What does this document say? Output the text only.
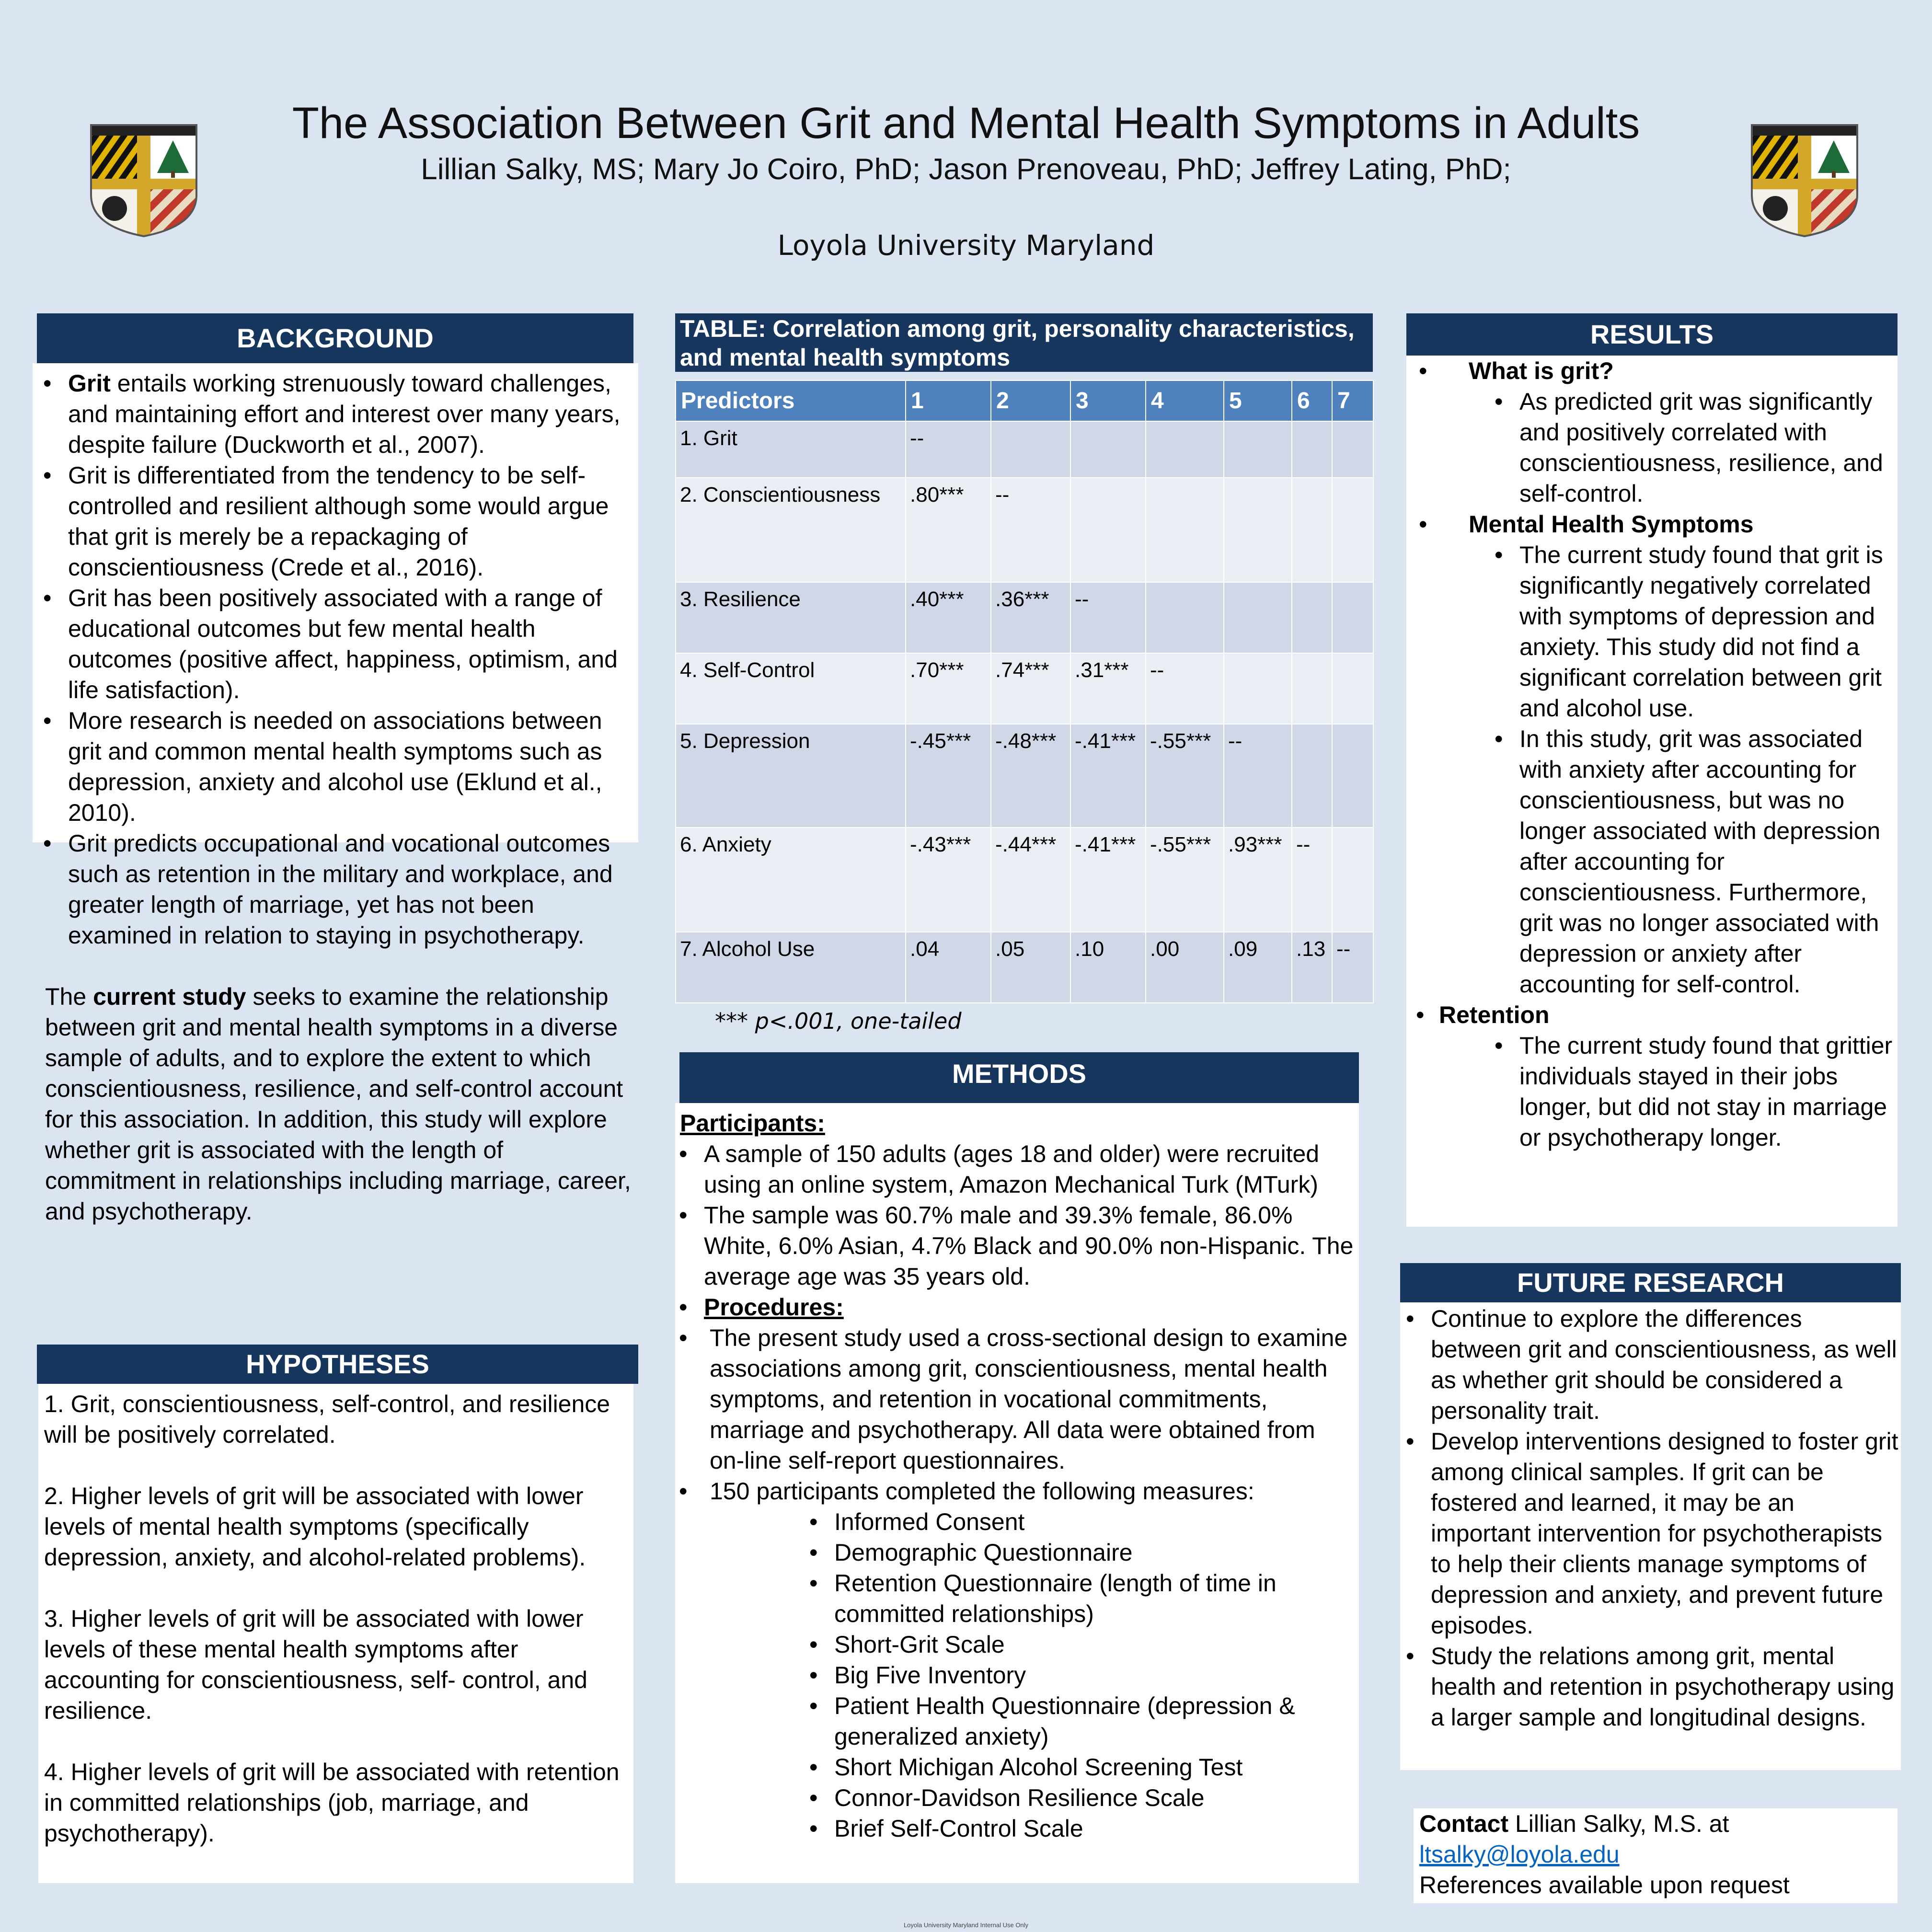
The Association Between Grit and Mental Health Symptoms in Adults
Lillian Salky, MS; Mary Jo Coiro, PhD; Jason Prenoveau, PhD; Jeffrey Lating, PhD;
Loyola University Maryland
BACKGROUND
• Grit entails working strenuously toward challenges, and maintaining effort and interest over many years, despite failure (Duckworth et al., 2007).
• Grit is differentiated from the tendency to be self-controlled and resilient although some would argue that grit is merely be a repackaging of conscientiousness (Crede et al., 2016).
• Grit has been positively associated with a range of educational outcomes but few mental health outcomes (positive affect, happiness, optimism, and life satisfaction).
• More research is needed on associations between grit and common mental health symptoms such as depression, anxiety and alcohol use (Eklund et al., 2010).
• Grit predicts occupational and vocational outcomes such as retention in the military and workplace, and greater length of marriage, yet has not been examined in relation to staying in psychotherapy.

The current study seeks to examine the relationship between grit and mental health symptoms in a diverse sample of adults, and to explore the extent to which conscientiousness, resilience, and self-control account for this association. In addition, this study will explore whether grit is associated with the length of commitment in relationships including marriage, career, and psychotherapy.

HYPOTHESES

1. Grit, conscientiousness, self-control, and resilience will be positively correlated.

2. Higher levels of grit will be associated with lower levels of mental health symptoms (specifically depression, anxiety, and alcohol-related problems).

3. Higher levels of grit will be associated with lower levels of these mental health symptoms after accounting for conscientiousness, self- control, and resilience.

4. Higher levels of grit will be associated with retention in committed relationships (job, marriage, and psychotherapy).

TABLE: Correlation among grit, personality characteristics, and mental health symptoms
Predictors	1	2	3	4	5	6	7
1. Grit	--						
2. Conscientiousness	.80***	--					
3. Resilience	.40***	.36***	--				
4. Self-Control	.70***	.74***	.31***	--			
5. Depression	-.45***	-.48***	-.41***	-.55***	--		
6. Anxiety	-.43***	-.44***	-.41***	-.55***	.93***	--	
7. Alcohol Use	.04	.05	.10	.00	.09	.13	--
*** p<.001, one-tailed
METHODS

Participants:

• A sample of 150 adults (ages 18 and older) were recruited using an online system, Amazon Mechanical Turk (MTurk)
• The sample was 60.7% male and 39.3% female, 86.0% White, 6.0% Asian, 4.7% Black and 90.0% non-Hispanic. The average age was 35 years old.
• Procedures:
• The present study used a cross-sectional design to examine associations among grit, conscientiousness, mental health symptoms, and retention in vocational commitments, marriage and psychotherapy. All data were obtained from on-line self-report questionnaires.
• 150 participants completed the following measures:
• Informed Consent
• Demographic Questionnaire
• Retention Questionnaire (length of time in committed relationships)
• Short-Grit Scale
• Big Five Inventory
• Patient Health Questionnaire (depression & generalized anxiety)
• Short Michigan Alcohol Screening Test
• Connor-Davidson Resilience Scale
• Brief Self-Control Scale
RESULTS
• What is grit?
• As predicted grit was significantly and positively correlated with conscientiousness, resilience, and self-control.
• Mental Health Symptoms
• The current study found that grit is significantly negatively correlated with symptoms of depression and anxiety. This study did not find a significant correlation between grit and alcohol use.
• In this study, grit was associated with anxiety after accounting for conscientiousness, but was no longer associated with depression after accounting for conscientiousness. Furthermore, grit was no longer associated with depression or anxiety after accounting for self-control.
• Retention
• The current study found that grittier individuals stayed in their jobs longer, but did not stay in marriage or psychotherapy longer.
FUTURE RESEARCH
• Continue to explore the differences between grit and conscientiousness, as well as whether grit should be considered a personality trait.
• Develop interventions designed to foster grit among clinical samples. If grit can be fostered and learned, it may be an important intervention for psychotherapists to help their clients manage symptoms of depression and anxiety, and prevent future episodes.
• Study the relations among grit, mental health and retention in psychotherapy using a larger sample and longitudinal designs.

Contact Lillian Salky, M.S. at

ltsalky@loyola.edu

References available upon request

Loyola University Maryland Internal Use Only
